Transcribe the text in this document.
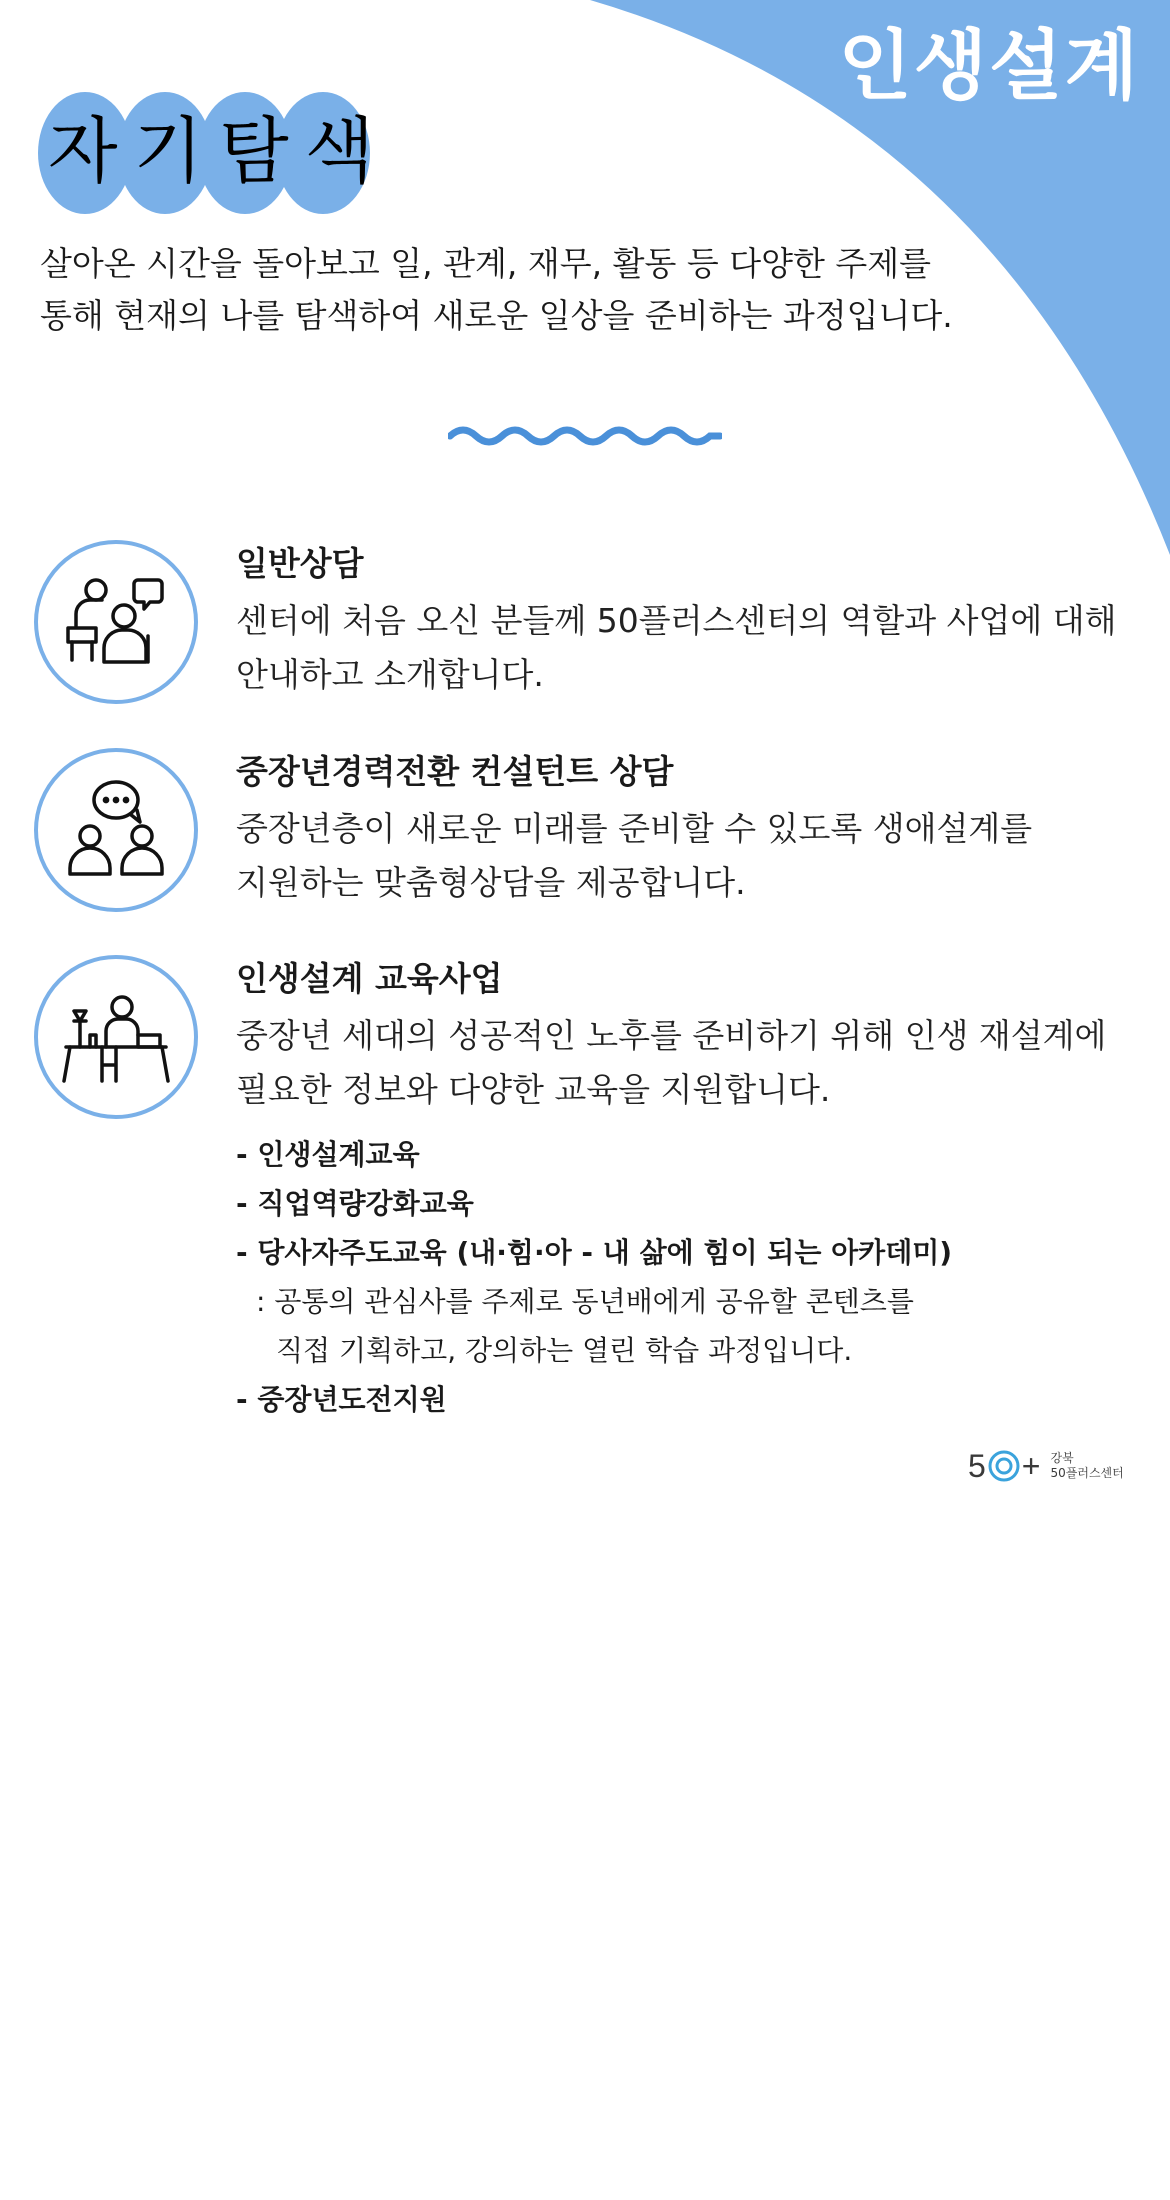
인생설계
자기탐색

살아온 시간을 돌아보고 일, 관계, 재무, 활동 등 다양한 주제를

통해 현재의 나를 탐색하여 새로운 일상을 준비하는 과정입니다.

일반상담

센터에 처음 오신 분들께 50플러스센터의 역할과 사업에 대해

안내하고 소개합니다.

중장년경력전환 컨설턴트 상담

중장년층이 새로운 미래를 준비할 수 있도록 생애설계를

지원하는 맞춤형상담을 제공합니다.

인생설계 교육사업

중장년 세대의 성공적인 노후를 준비하기 위해 인생 재설계에

필요한 정보와 다양한 교육을 지원합니다.

- 인생설계교육

- 직업역량강화교육

- 당사자주도교육 (내·힘·아 - 내 삶에 힘이 되는 아카데미)

: 공통의 관심사를 주제로 동년배에게 공유할 콘텐츠를

직접 기획하고, 강의하는 열린 학습 과정입니다.

- 중장년도전지원

5 + 강북
50플러스센터
